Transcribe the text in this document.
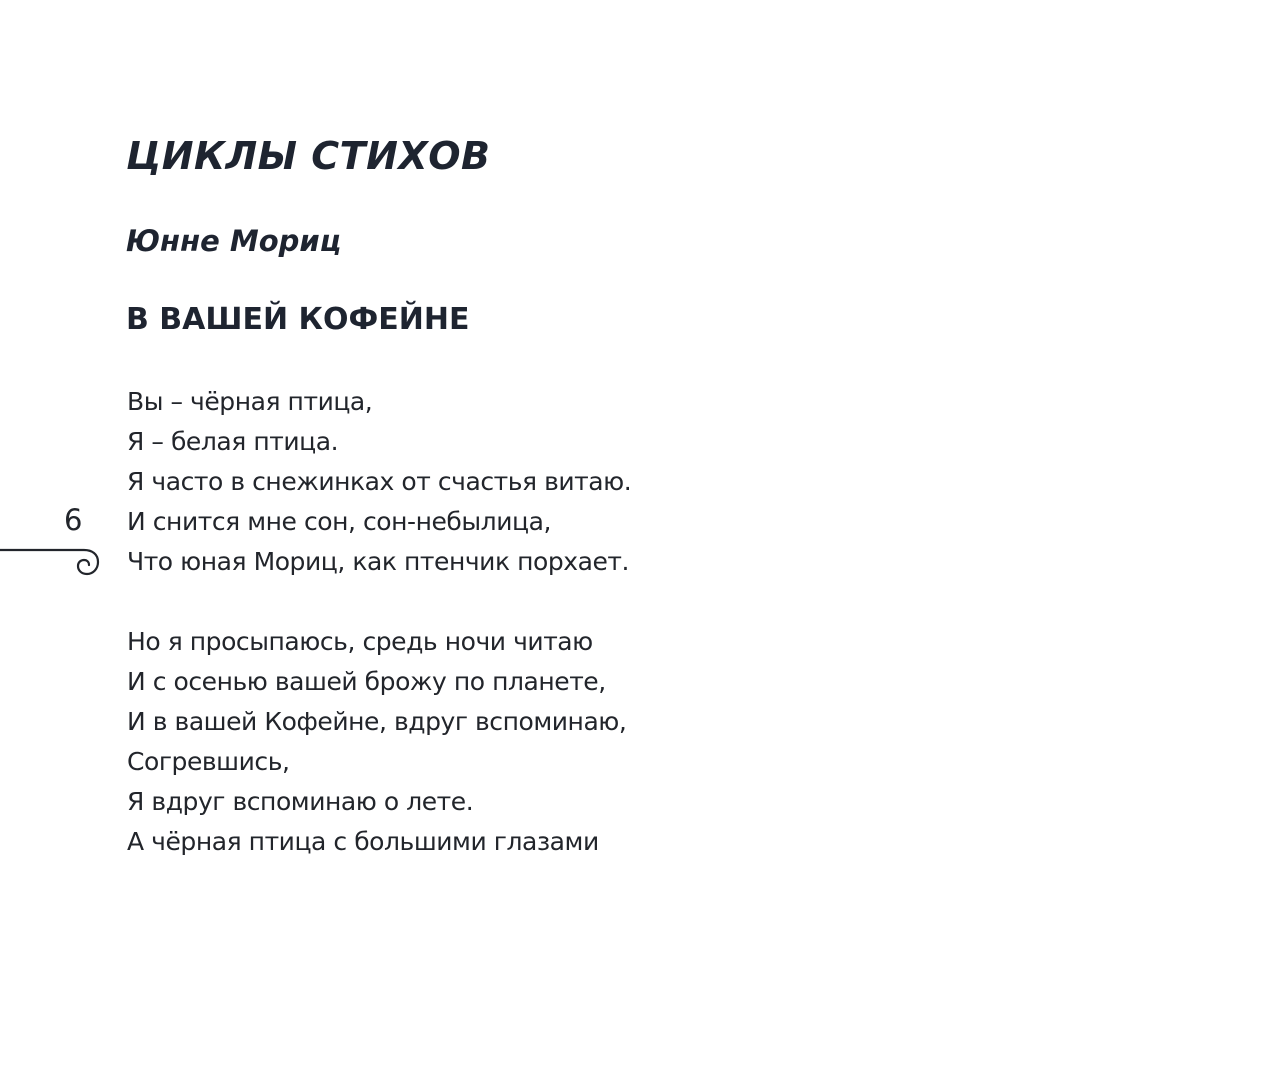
ЦИКЛЫ СТИХОВ
Юнне Мориц
В ВАШЕЙ КОФЕЙНЕ
Вы – чёрная птица,
Я – белая птица.
Я часто в снежинках от счастья витаю.
И снится мне сон, сон-небылица,
Что юная Мориц, как птенчик порхает.
Но я просыпаюсь, средь ночи читаю
И с осенью вашей брожу по планете,
И в вашей Кофейне, вдруг вспоминаю,
Согревшись,
Я вдруг вспоминаю о лете.
А чёрная птица с большими глазами
6
